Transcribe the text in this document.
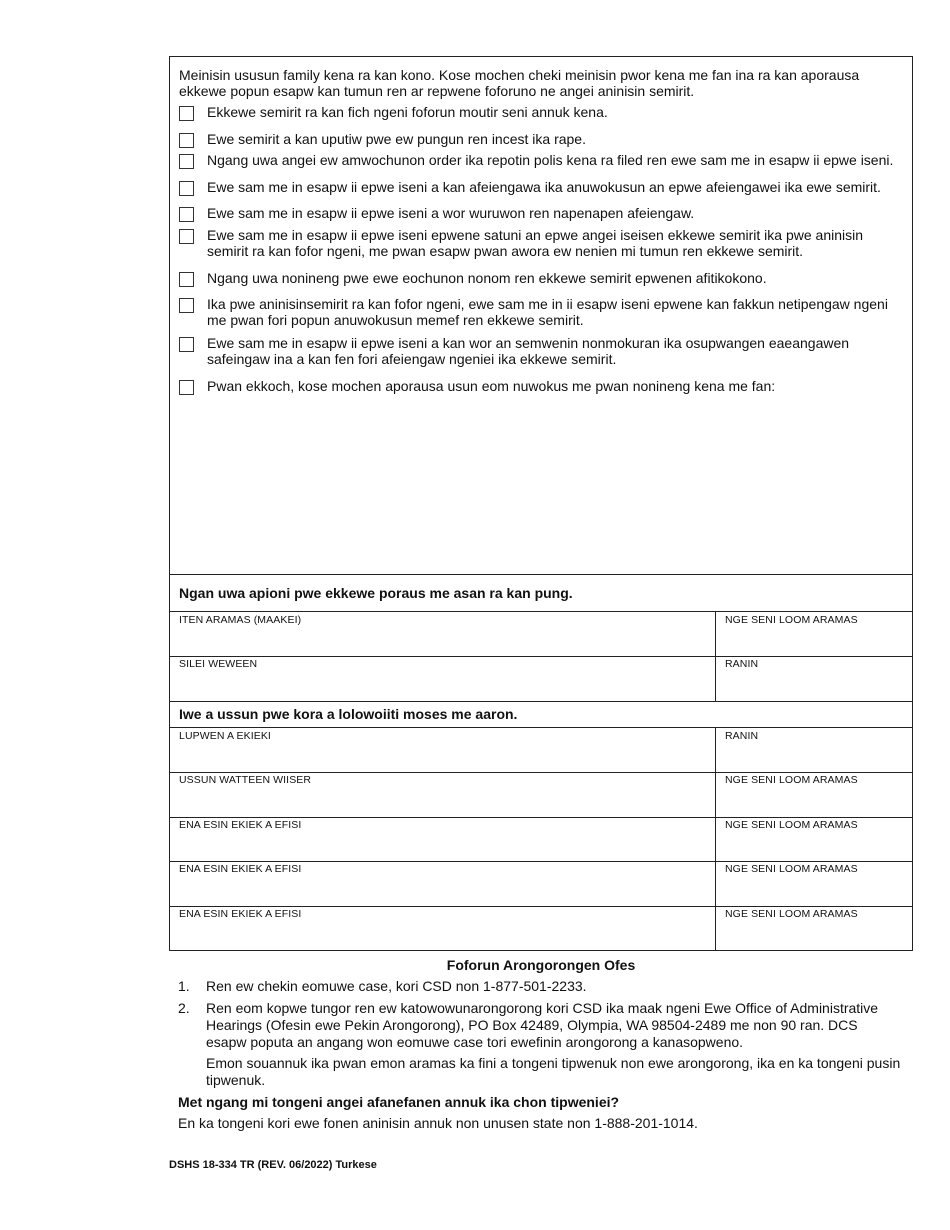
Meinisin ususun family kena ra kan kono. Kose mochen cheki meinisin pwor kena me fan ina ra kan aporausa ekkewe popun esapw kan tumun ren ar repwene foforuno ne angei aninisin semirit.
Ekkewe semirit ra kan fich ngeni foforun moutir seni annuk kena.
Ewe semirit a kan uputiw pwe ew pungun ren incest ika rape.
Ngang uwa angei ew amwochunon order ika repotin polis kena ra filed ren ewe sam me in esapw ii epwe iseni.
Ewe sam me in esapw ii epwe iseni a kan afeiengawa ika anuwokusun an epwe afeiengawei ika ewe semirit.
Ewe sam me in esapw ii epwe iseni a wor wuruwon ren napenapen afeiengaw.
Ewe sam me in esapw ii epwe iseni epwene satuni an epwe angei iseisen ekkewe semirit ika pwe aninisin semirit ra kan fofor ngeni, me pwan esapw pwan awora ew nenien mi tumun ren ekkewe semirit.
Ngang uwa nonineng pwe ewe eochunon nonom ren ekkewe semirit epwenen afitikokono.
Ika pwe aninisinsemirit ra kan fofor ngeni, ewe sam me in ii esapw iseni epwene kan fakkun netipengaw ngeni me pwan fori popun anuwokusun memef ren ekkewe semirit.
Ewe sam me in esapw ii epwe iseni a kan wor an semwenin nonmokuran ika osupwangen eaeangawen safeingaw ina a kan fen fori afeiengaw ngeniei ika ekkewe semirit.
Pwan ekkoch, kose mochen aporausa usun eom nuwokus me pwan nonineng kena me fan:
Ngan uwa apioni pwe ekkewe poraus me asan ra kan pung.
ITEN ARAMAS (MAAKEI)	NGE SENI LOOM ARAMAS
SILEI WEWEEN	RANIN
Iwe a ussun pwe kora a lolowoiiti moses me aaron.
LUPWEN A EKIEKI	RANIN
USSUN WATTEEN WIISER	NGE SENI LOOM ARAMAS
ENA ESIN EKIEK A EFISI	NGE SENI LOOM ARAMAS
ENA ESIN EKIEK A EFISI	NGE SENI LOOM ARAMAS
ENA ESIN EKIEK A EFISI	NGE SENI LOOM ARAMAS
Foforun Arongorongen Ofes
1. Ren ew chekin eomuwe case, kori CSD non 1-877-501-2233.
2. Ren eom kopwe tungor ren ew katowowunarongorong kori CSD ika maak ngeni Ewe Office of Administrative Hearings (Ofesin ewe Pekin Arongorong), PO Box 42489, Olympia, WA 98504-2489 me non 90 ran. DCS esapw poputa an angang won eomuwe case tori ewefinin arongorong a kanasopweno.
Emon souannuk ika pwan emon aramas ka fini a tongeni tipwenuk non ewe arongorong, ika en ka tongeni pusin tipwenuk.
Met ngang mi tongeni angei afanefanen annuk ika chon tipweniei?
En ka tongeni kori ewe fonen aninisin annuk non unusen state non 1-888-201-1014.
DSHS 18-334 TR (REV. 06/2022) Turkese
